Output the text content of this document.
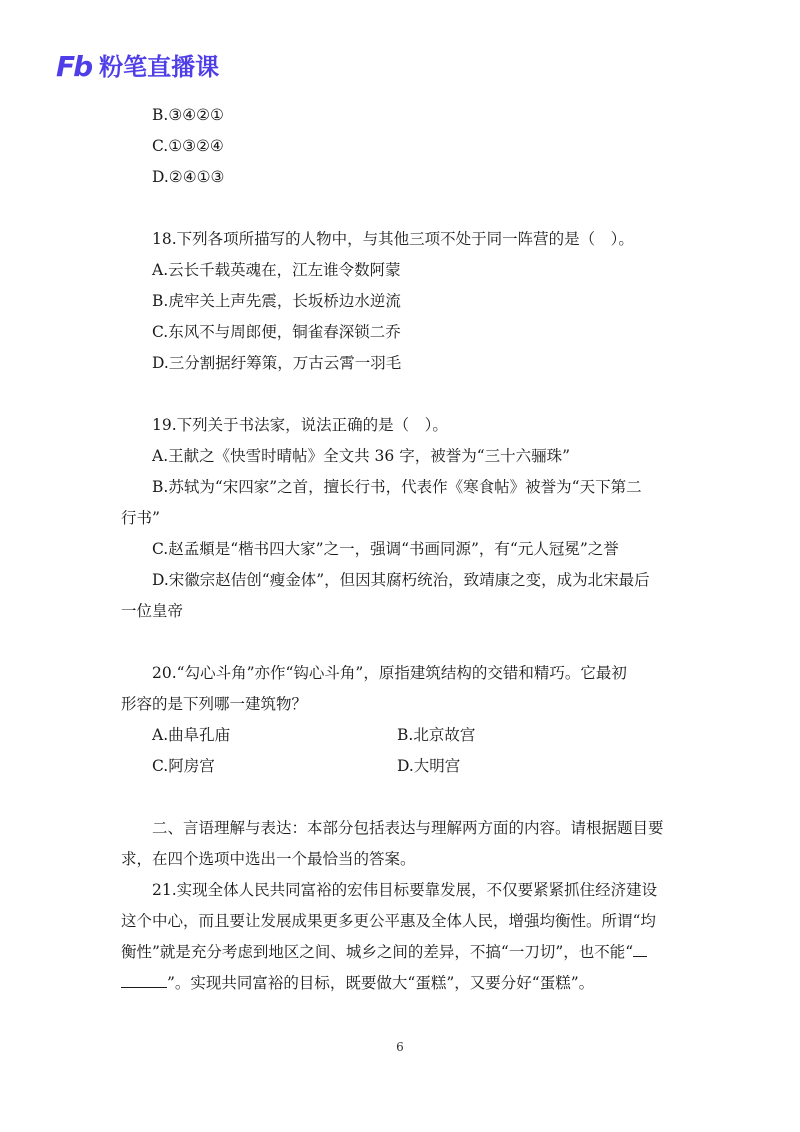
Fb 粉笔直播课
B.③④②①
C.①③②④
D.②④①③
18.下列各项所描写的人物中，与其他三项不处于同一阵营的是（　）。
A.云长千载英魂在，江左谁令数阿蒙
B.虎牢关上声先震，长坂桥边水逆流
C.东风不与周郎便，铜雀春深锁二乔
D.三分割据纡筹策，万古云霄一羽毛
19.下列关于书法家，说法正确的是（　）。
A.王献之《快雪时晴帖》全文共 36 字，被誉为“三十六骊珠”
B.苏轼为“宋四家”之首，擅长行书，代表作《寒食帖》被誉为“天下第二
行书”
C.赵孟頫是“楷书四大家”之一，强调“书画同源”，有“元人冠冕”之誉
D.宋徽宗赵佶创“瘦金体”，但因其腐朽统治，致靖康之变，成为北宋最后
一位皇帝
20.“勾心斗角”亦作“钩心斗角”，原指建筑结构的交错和精巧。它最初
形容的是下列哪一建筑物？
A.曲阜孔庙	B.北京故宫
C.阿房宫	D.大明宫
二、言语理解与表达：本部分包括表达与理解两方面的内容。请根据题目要
求，在四个选项中选出一个最恰当的答案。
21.实现全体人民共同富裕的宏伟目标要靠发展，不仅要紧紧抓住经济建设
这个中心，而且要让发展成果更多更公平惠及全体人民，增强均衡性。所谓“均
衡性”就是充分考虑到地区之间、城乡之间的差异，不搞“一刀切”，也不能“
”。实现共同富裕的目标，既要做大“蛋糕”，又要分好“蛋糕”。
6
